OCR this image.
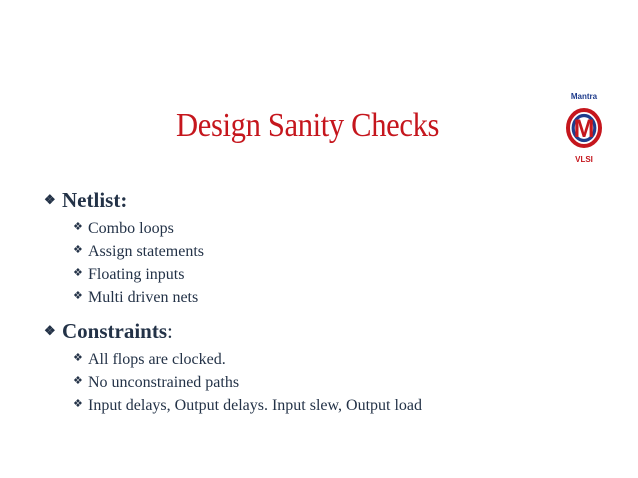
Design Sanity Checks
Mantra
M
VLSI
❖ Netlist:
❖ Combo loops
❖ Assign statements
❖ Floating inputs
❖ Multi driven nets
❖ Constraints :
❖ All flops are clocked.
❖ No unconstrained paths
❖ Input delays, Output delays. Input slew, Output load
